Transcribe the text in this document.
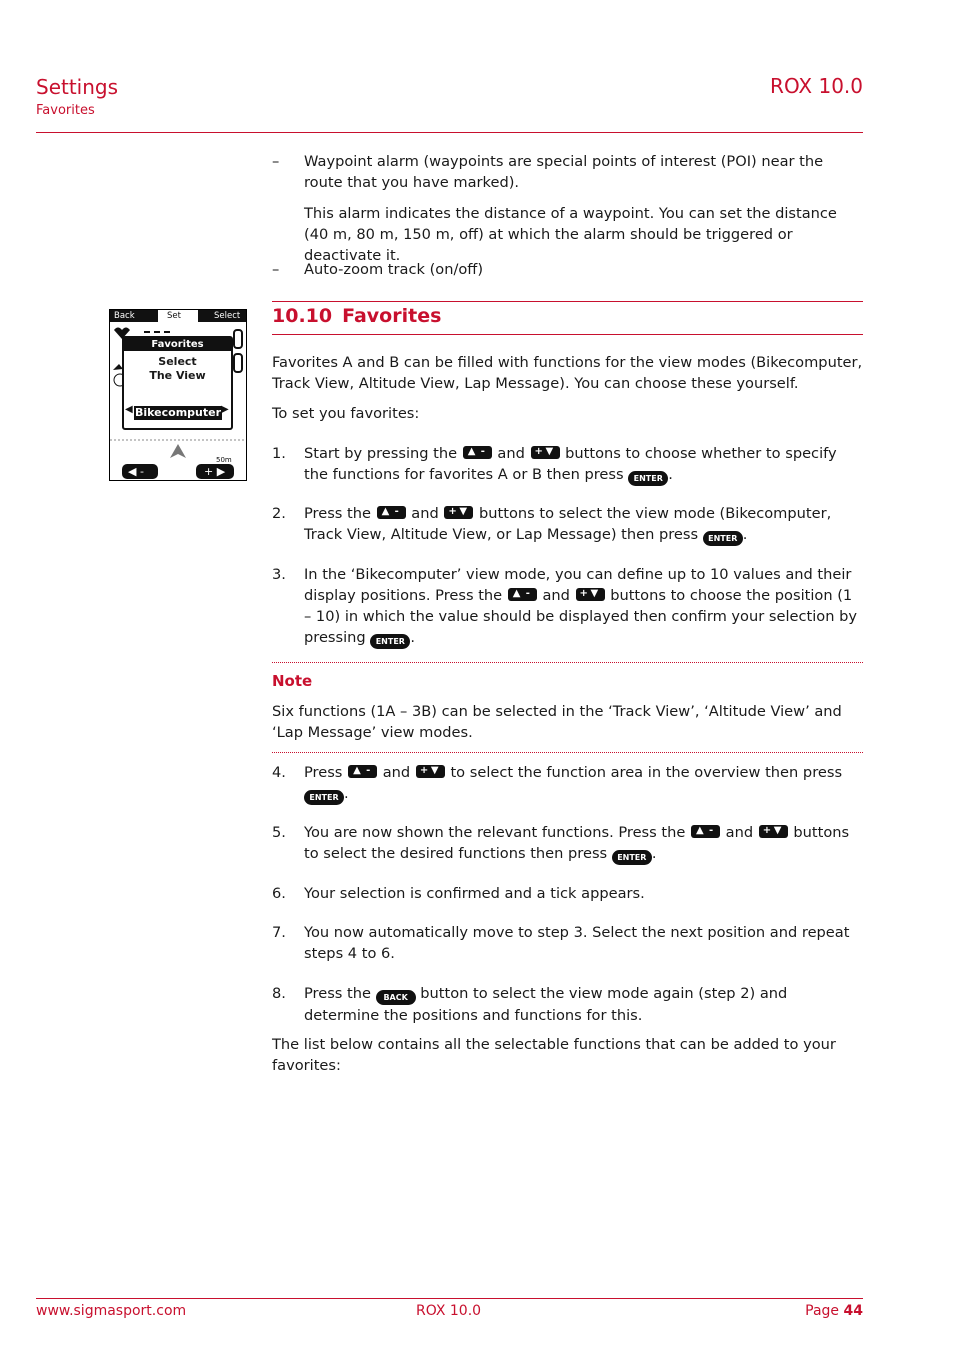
Settings
Favorites
ROX 10.0
– Waypoint alarm (waypoints are special points of interest (POI) near the route that you have marked).
This alarm indicates the distance of a waypoint. You can set the distance (40 m, 80 m, 150 m, off) at which the alarm should be triggered or deactivate it.
– Auto-zoom track (on/off)
Back	Set	Select
Favorites
Select
The View
◀ Bikecomputer ▶
50m
◀ -	+ ▶
10.10 Favorites
Favorites A and B can be filled with functions for the view modes (Bikecomputer, Track View, Altitude View, Lap Message). You can choose these yourself.
To set you favorites:
1. Start by pressing the ▲ - and + ▼ buttons to choose whether to specify the functions for favorites A or B then press ENTER .
2. Press the ▲ - and + ▼ buttons to select the view mode (Bikecomputer, Track View, Altitude View, or Lap Message) then press ENTER .
3. In the ‘Bikecomputer’ view mode, you can define up to 10 values and their display positions. Press the ▲ - and + ▼ buttons to choose the position (1 – 10) in which the value should be displayed then confirm your selection by pressing ENTER .
Note
Six functions (1A – 3B) can be selected in the ‘Track View’, ‘Altitude View’ and ‘Lap Message’ view modes.
4. Press ▲ - and + ▼ to select the function area in the overview then press ENTER .
5. You are now shown the relevant functions. Press the ▲ - and + ▼ buttons to select the desired functions then press ENTER .
6. Your selection is confirmed and a tick appears.
7. You now automatically move to step 3. Select the next position and repeat steps 4 to 6.
8. Press the BACK button to select the view mode again (step 2) and determine the positions and functions for this.
The list below contains all the selectable functions that can be added to your favorites:
www.sigmasport.com	ROX 10.0	Page 44
